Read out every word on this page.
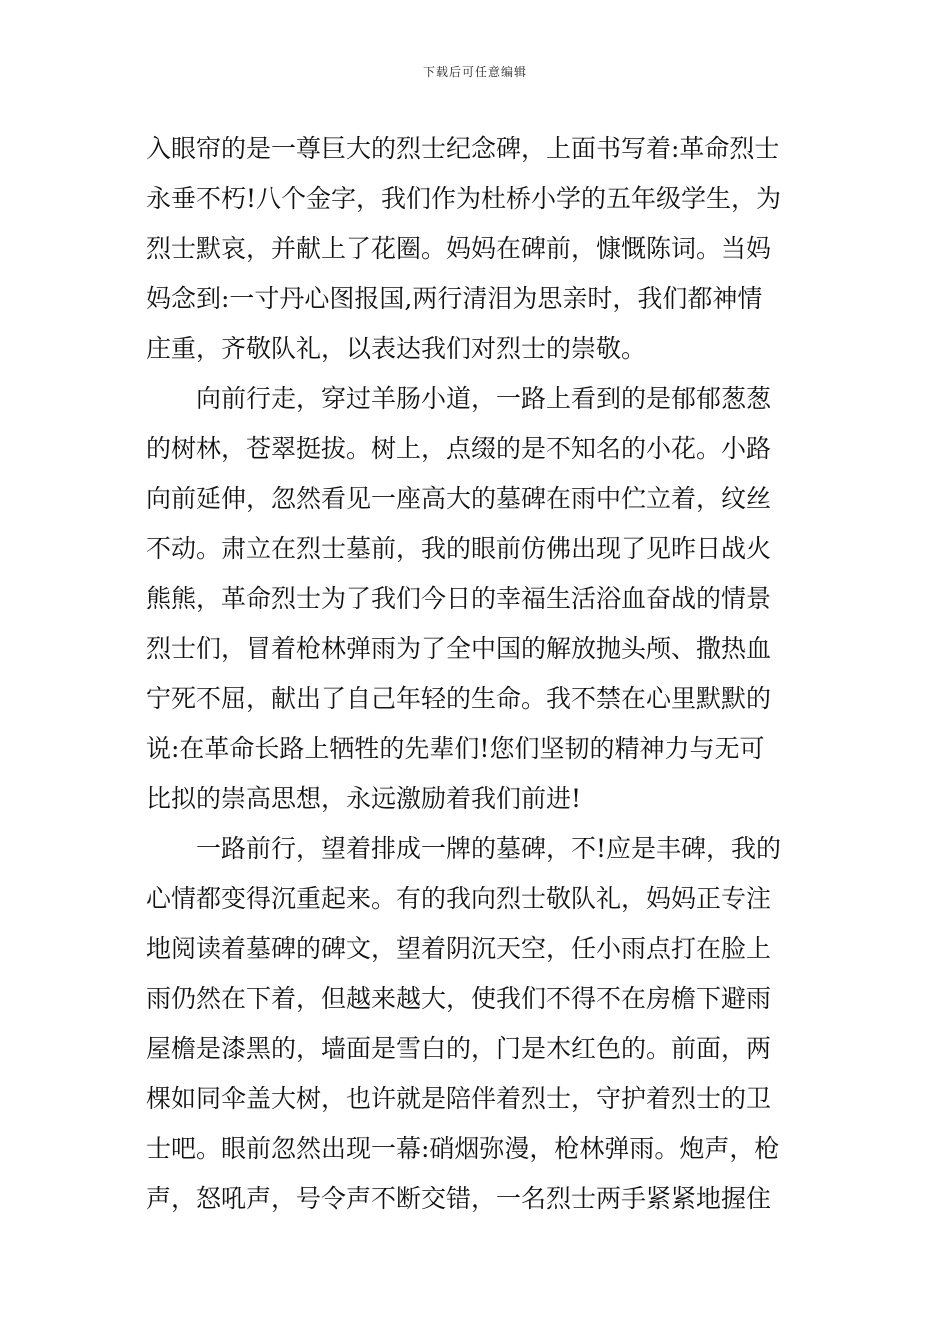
下载后可任意编辑
入眼帘的是一尊巨大的烈士纪念碑，上面书写着:革命烈士
永垂不朽!八个金字，我们作为杜桥小学的五年级学生，为
烈士默哀，并献上了花圈。妈妈在碑前，慷慨陈词。当妈
妈念到:一寸丹心图报国,两行清泪为思亲时，我们都神情
庄重，齐敬队礼，以表达我们对烈士的崇敬。
向前行走，穿过羊肠小道，一路上看到的是郁郁葱葱
的树林，苍翠挺拔。树上，点缀的是不知名的小花。小路
向前延伸，忽然看见一座高大的墓碑在雨中伫立着，纹丝
不动。肃立在烈士墓前，我的眼前仿佛出现了见昨日战火
熊熊，革命烈士为了我们今日的幸福生活浴血奋战的情景
烈士们，冒着枪林弹雨为了全中国的解放抛头颅、撒热血
宁死不屈，献出了自己年轻的生命。我不禁在心里默默的
说:在革命长路上牺牲的先辈们!您们坚韧的精神力与无可
比拟的崇高思想，永远激励着我们前进!
一路前行，望着排成一牌的墓碑，不!应是丰碑，我的
心情都变得沉重起来。有的我向烈士敬队礼，妈妈正专注
地阅读着墓碑的碑文，望着阴沉天空，任小雨点打在脸上
雨仍然在下着，但越来越大，使我们不得不在房檐下避雨
屋檐是漆黑的，墙面是雪白的，门是木红色的。前面，两
棵如同伞盖大树，也许就是陪伴着烈士，守护着烈士的卫
士吧。眼前忽然出现一幕:硝烟弥漫，枪林弹雨。炮声，枪
声，怒吼声，号令声不断交错，一名烈士两手紧紧地握住
